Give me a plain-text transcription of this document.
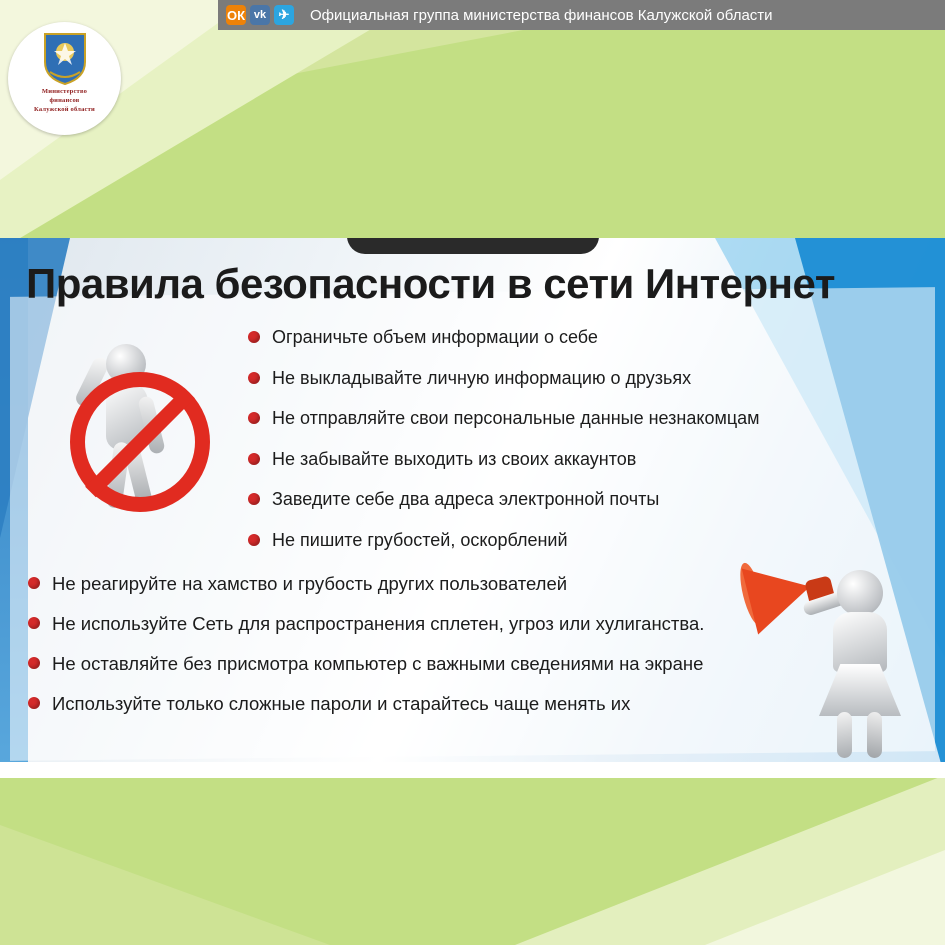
ОК vk ✈	Официальная группа министерства финансов Калужской области
Министерство
финансов
Калужской области
Правила безопасности в сети Интернет
Ограничьте объем информации о себе
Не выкладывайте личную информацию о друзьях
Не отправляйте свои персональные данные незнакомцам
Не забывайте выходить из своих аккаунтов
Заведите себе два адреса электронной почты
Не пишите грубостей, оскорблений
Не реагируйте на хамство и грубость других пользователей
Не используйте Сеть для распространения сплетен, угроз или хулиганства.
Не оставляйте без присмотра компьютер с важными сведениями на экране
Используйте только сложные пароли и старайтесь чаще менять их
